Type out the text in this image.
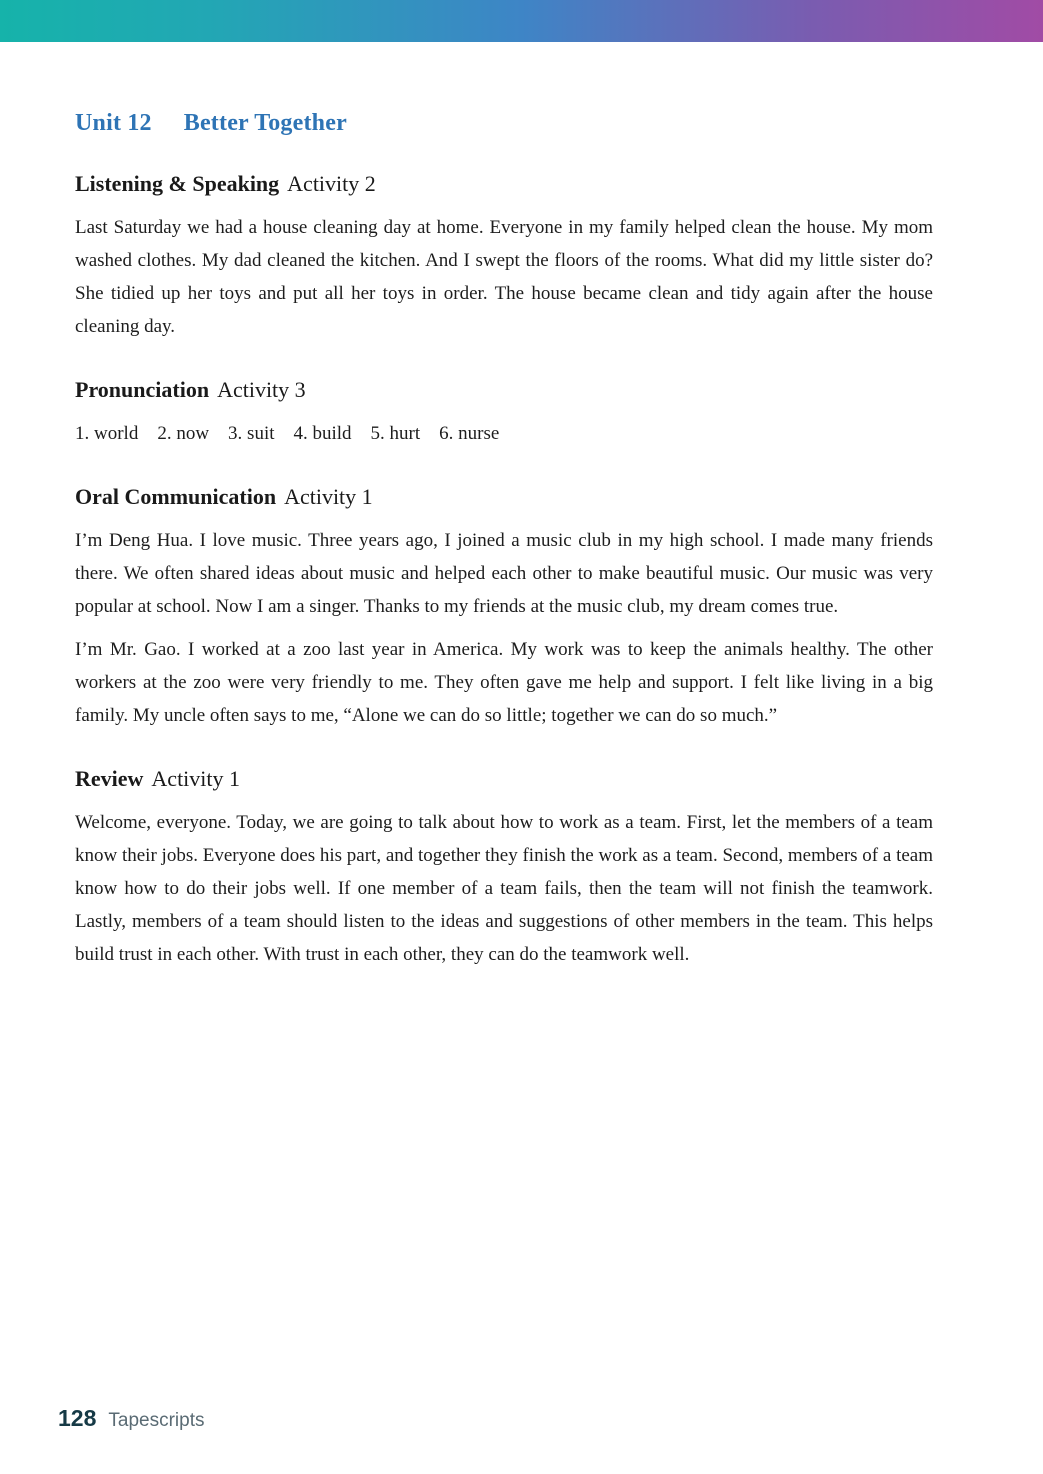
Unit 12 Better Together
Listening & Speaking Activity 2

Last Saturday we had a house cleaning day at home. Everyone in my family helped clean the house. My mom washed clothes. My dad cleaned the kitchen. And I swept the floors of the rooms. What did my little sister do? She tidied up her toys and put all her toys in order. The house became clean and tidy again after the house cleaning day.

Pronunciation Activity 3

1. world    2. now    3. suit    4. build    5. hurt    6. nurse

Oral Communication Activity 1

I’m Deng Hua. I love music. Three years ago, I joined a music club in my high school. I made many friends there. We often shared ideas about music and helped each other to make beautiful music. Our music was very popular at school. Now I am a singer. Thanks to my friends at the music club, my dream comes true.

I’m Mr. Gao. I worked at a zoo last year in America. My work was to keep the animals healthy. The other workers at the zoo were very friendly to me. They often gave me help and support. I felt like living in a big family. My uncle often says to me, “Alone we can do so little; together we can do so much.”

Review Activity 1

Welcome, everyone. Today, we are going to talk about how to work as a team. First, let the members of a team know their jobs. Everyone does his part, and together they finish the work as a team. Second, members of a team know how to do their jobs well. If one member of a team fails, then the team will not finish the teamwork. Lastly, members of a team should listen to the ideas and suggestions of other members in the team. This helps build trust in each other. With trust in each other, they can do the teamwork well.

128 Tapescripts
